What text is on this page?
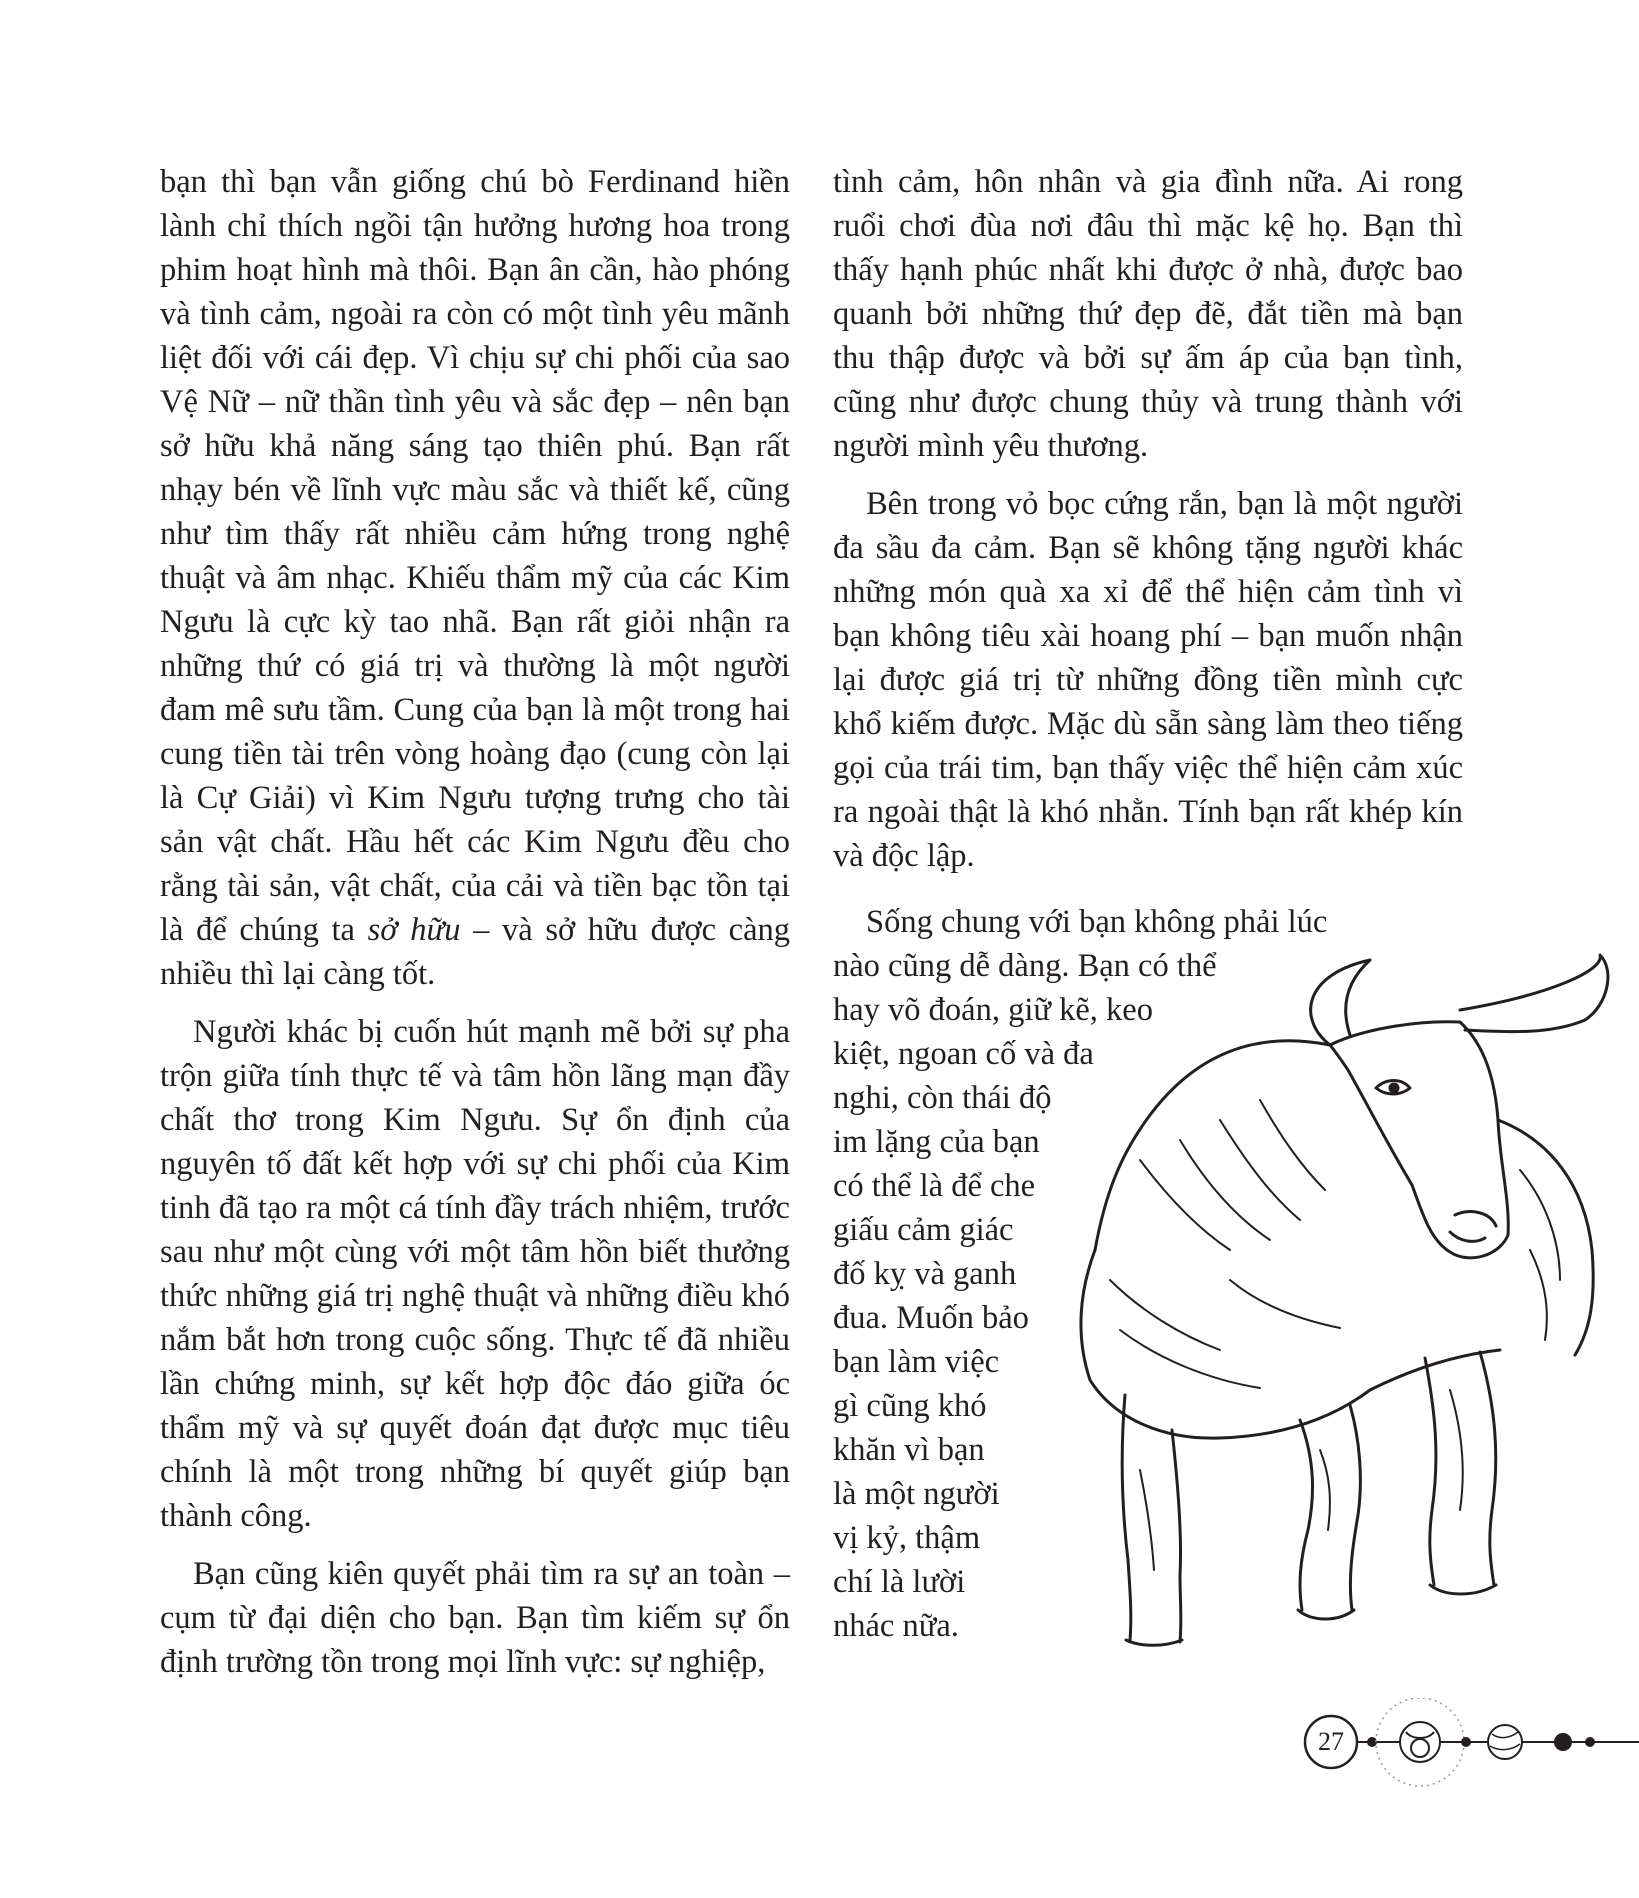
bạn thì bạn vẫn giống chú bò Ferdinand hiền lành chỉ thích ngồi tận hưởng hương hoa trong phim hoạt hình mà thôi. Bạn ân cần, hào phóng và tình cảm, ngoài ra còn có một tình yêu mãnh liệt đối với cái đẹp. Vì chịu sự chi phối của sao Vệ Nữ – nữ thần tình yêu và sắc đẹp – nên bạn sở hữu khả năng sáng tạo thiên phú. Bạn rất nhạy bén về lĩnh vực màu sắc và thiết kế, cũng như tìm thấy rất nhiều cảm hứng trong nghệ thuật và âm nhạc. Khiếu thẩm mỹ của các Kim Ngưu là cực kỳ tao nhã. Bạn rất giỏi nhận ra những thứ có giá trị và thường là một người đam mê sưu tầm. Cung của bạn là một trong hai cung tiền tài trên vòng hoàng đạo (cung còn lại là Cự Giải) vì Kim Ngưu tượng trưng cho tài sản vật chất. Hầu hết các Kim Ngưu đều cho rằng tài sản, vật chất, của cải và tiền bạc tồn tại là để chúng ta sở hữu – và sở hữu được càng nhiều thì lại càng tốt.

Người khác bị cuốn hút mạnh mẽ bởi sự pha trộn giữa tính thực tế và tâm hồn lãng mạn đầy chất thơ trong Kim Ngưu. Sự ổn định của nguyên tố đất kết hợp với sự chi phối của Kim tinh đã tạo ra một cá tính đầy trách nhiệm, trước sau như một cùng với một tâm hồn biết thưởng thức những giá trị nghệ thuật và những điều khó nắm bắt hơn trong cuộc sống. Thực tế đã nhiều lần chứng minh, sự kết hợp độc đáo giữa óc thẩm mỹ và sự quyết đoán đạt được mục tiêu chính là một trong những bí quyết giúp bạn thành công.

Bạn cũng kiên quyết phải tìm ra sự an toàn – cụm từ đại diện cho bạn. Bạn tìm kiếm sự ổn định trường tồn trong mọi lĩnh vực: sự nghiệp,

tình cảm, hôn nhân và gia đình nữa. Ai rong ruổi chơi đùa nơi đâu thì mặc kệ họ. Bạn thì thấy hạnh phúc nhất khi được ở nhà, được bao quanh bởi những thứ đẹp đẽ, đắt tiền mà bạn thu thập được và bởi sự ấm áp của bạn tình, cũng như được chung thủy và trung thành với người mình yêu thương.

Bên trong vỏ bọc cứng rắn, bạn là một người đa sầu đa cảm. Bạn sẽ không tặng người khác những món quà xa xỉ để thể hiện cảm tình vì bạn không tiêu xài hoang phí – bạn muốn nhận lại được giá trị từ những đồng tiền mình cực khổ kiếm được. Mặc dù sẵn sàng làm theo tiếng gọi của trái tim, bạn thấy việc thể hiện cảm xúc ra ngoài thật là khó nhằn. Tính bạn rất khép kín và độc lập.

Sống chung với bạn không phải lúc
nào cũng dễ dàng. Bạn có thể
hay võ đoán, giữ kẽ, keo
kiệt, ngoan cố và đa
nghi, còn thái độ
im lặng của bạn
có thể là để che
giấu cảm giác
đố kỵ và ganh
đua. Muốn bảo
bạn làm việc
gì cũng khó
khăn vì bạn
là một người
vị kỷ, thậm
chí là lười
nhác nữa.
27
